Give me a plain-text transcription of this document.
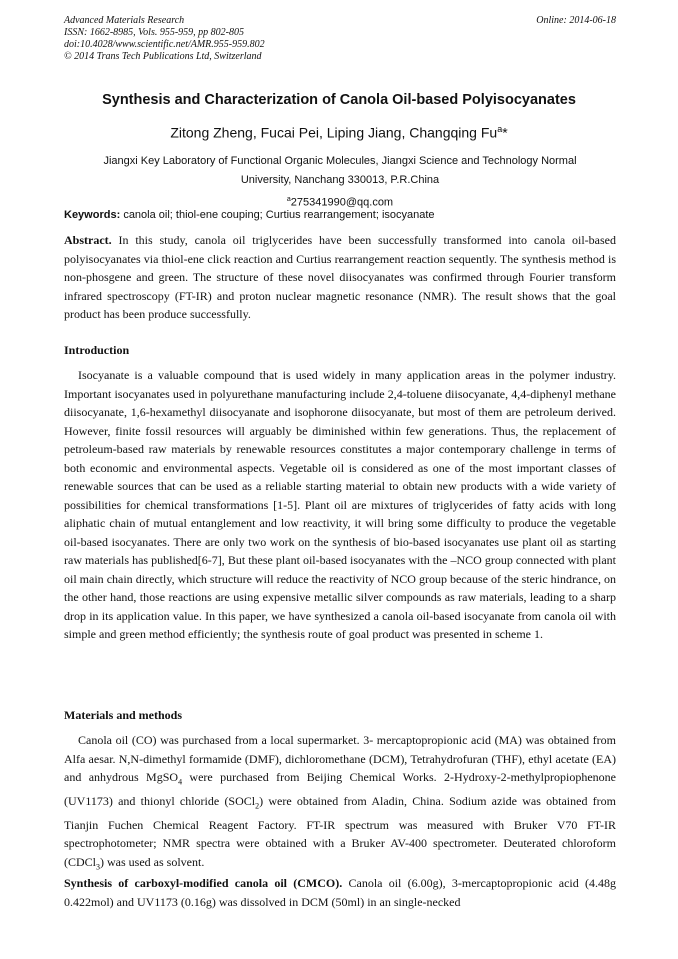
Advanced Materials Research
ISSN: 1662-8985, Vols. 955-959, pp 802-805
doi:10.4028/www.scientific.net/AMR.955-959.802
© 2014 Trans Tech Publications Ltd, Switzerland
Online: 2014-06-18
Synthesis and Characterization of Canola Oil-based Polyisocyanates
Zitong Zheng, Fucai Pei, Liping Jiang, Changqing Fu$^a$*
Jiangxi Key Laboratory of Functional Organic Molecules, Jiangxi Science and Technology Normal
University, Nanchang 330013, P.R.China
$^a$275341990@qq.com
Keywords: canola oil; thiol-ene couping; Curtius rearrangement; isocyanate
Abstract. In this study, canola oil triglycerides have been successfully transformed into canola oil-based polyisocyanates via thiol-ene click reaction and Curtius rearrangement reaction sequently. The synthesis method is non-phosgene and green. The structure of these novel diisocyanates was confirmed through Fourier transform infrared spectroscopy (FT-IR) and proton nuclear magnetic resonance (NMR). The result shows that the goal product has been produce successfully.
Introduction
Isocyanate is a valuable compound that is used widely in many application areas in the polymer industry. Important isocyanates used in polyurethane manufacturing include 2,4-toluene diisocyanate, 4,4-diphenyl methane diisocyanate, 1,6-hexamethyl diisocyanate and isophorone diisocyanate, but most of them are petroleum derived. However, finite fossil resources will arguably be diminished within few generations. Thus, the replacement of petroleum-based raw materials by renewable resources constitutes a major contemporary challenge in terms of both economic and environmental aspects. Vegetable oil is considered as one of the most important classes of renewable sources that can be used as a reliable starting material to obtain new products with a wide variety of possibilities for chemical transformations [1-5]. Plant oil are mixtures of triglycerides of fatty acids with long aliphatic chain of mutual entanglement and low reactivity, it will bring some difficulty to produce the vegetable oil-based isocyanates. There are only two work on the synthesis of bio-based isocyanates use plant oil as starting raw materials has published[6-7], But these plant oil-based isocyanates with the –NCO group connected with plant oil main chain directly, which structure will reduce the reactivity of NCO group because of the steric hindrance, on the other hand, those reactions are using expensive metallic silver compounds as raw materials, leading to a sharp drop in its application value. In this paper, we have synthesized a canola oil-based isocyanate from canola oil with simple and green method efficiently; the synthesis route of goal product was presented in scheme 1.
Materials and methods
Canola oil (CO) was purchased from a local supermarket. 3- mercaptopropionic acid (MA) was obtained from Alfa aesar. N,N-dimethyl formamide (DMF), dichloromethane (DCM), Tetrahydrofuran (THF), ethyl acetate (EA) and anhydrous MgSO$_4$ were purchased from Beijing Chemical Works. 2-Hydroxy-2-methylpropiophenone (UV1173) and thionyl chloride (SOCl$_2$) were obtained from Aladin, China. Sodium azide was obtained from Tianjin Fuchen Chemical Reagent Factory. FT-IR spectrum was measured with Bruker V70 FT-IR spectrophotometer; NMR spectra were obtained with a Bruker AV-400 spectrometer. Deuterated chloroform (CDCl$_3$) was used as solvent.
Synthesis of carboxyl-modified canola oil (CMCO). Canola oil (6.00g), 3-mercaptopropionic acid (4.48g 0.422mol) and UV1173 (0.16g) was dissolved in DCM (50ml) in an single-necked
